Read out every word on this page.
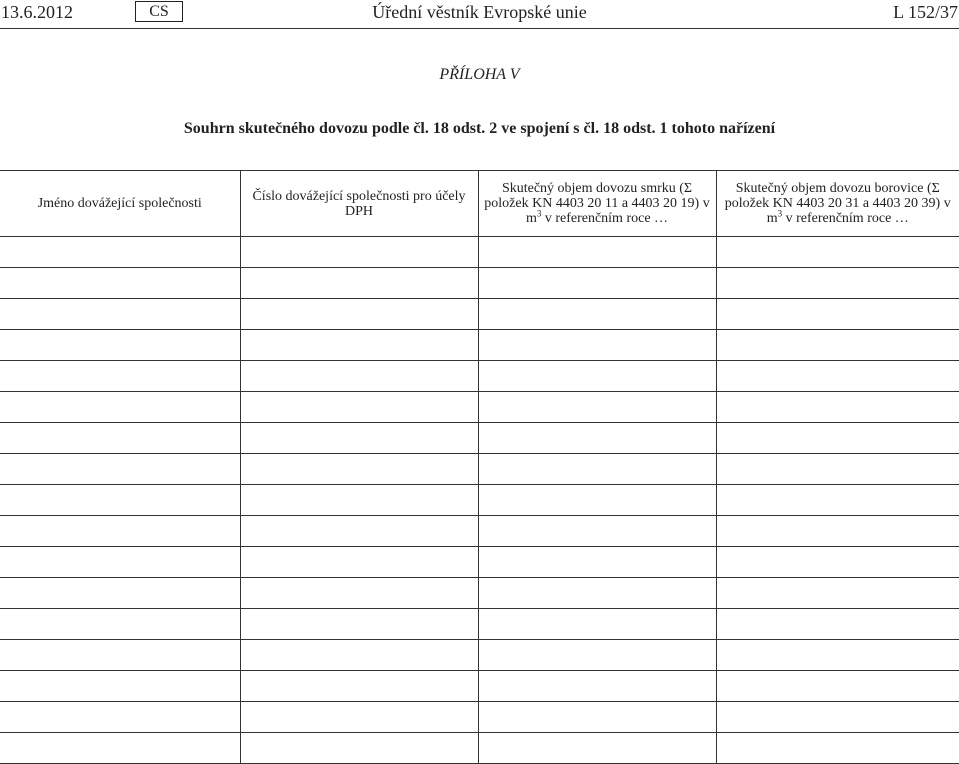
13.6.2012	CS	Úřední věstník Evropské unie	L 152/37
PŘÍLOHA V
Souhrn skutečného dovozu podle čl. 18 odst. 2 ve spojení s čl. 18 odst. 1 tohoto nařízení
Jméno dovážející společnosti	Číslo dovážející společnosti pro účely DPH	Skutečný objem dovozu smrku (Σ položek KN 4403 20 11 a 4403 20 19) v $m^3$ v referenčním roce …	Skutečný objem dovozu borovice (Σ položek KN 4403 20 31 a 4403 20 39) v $m^3$ v referenčním roce …
